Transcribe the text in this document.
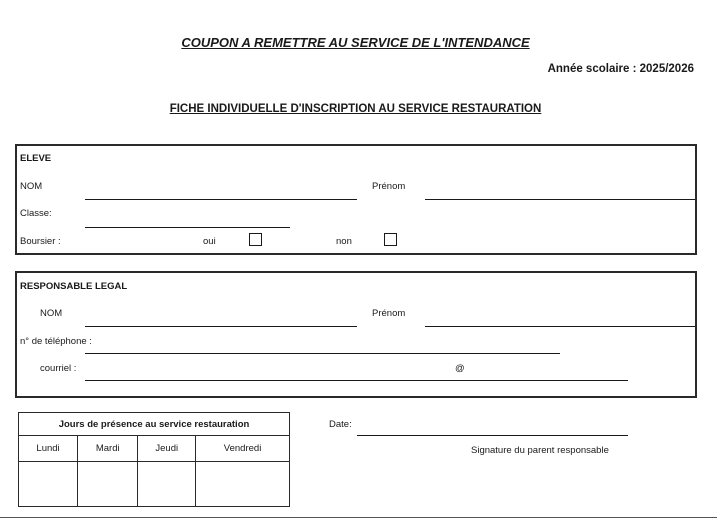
COUPON A REMETTRE AU SERVICE DE L'INTENDANCE
Année scolaire : 2025/2026
FICHE INDIVIDUELLE D'INSCRIPTION AU SERVICE RESTAURATION
ELEVE
NOM	Prénom
Classe:
Boursier :	oui	non
RESPONSABLE LEGAL
NOM	Prénom
n° de téléphone :
courriel :	@
Jours de présence au service restauration			
Lundi	Mardi	Jeudi	Vendredi

Date:
Signature du parent responsable
